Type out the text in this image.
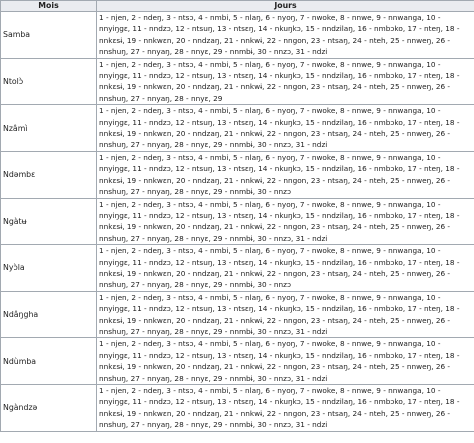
Mois	Jours
Samba	1 - njen, 2 - ndeŋ, 3 - ntsɔ, 4 - nmbi, 5 - nlaŋ, 6 - nyoŋ, 7 - nwoke, 8 - nnwe, 9 - nnwanga, 10 - nnyiŋgɛ, 11 - nndzɔ, 12 - ntsuŋ, 13 - ntsɛŋ, 14 - nkuŋkɔ, 15 - nndzilaŋ, 16 - nmbɔko, 17 - nteŋ, 18 - nnkɛsɨ, 19 - nnkwɛn, 20 - nndzaŋ, 21 - nnkwɨ, 22 - nngon, 23 - ntsaŋ, 24 - nteh, 25 - nnweŋ, 26 - nnshuŋ, 27 - nnyaŋ, 28 - nnyɛ, 29 - nnmbɨ, 30 - nnzɔ, 31 - ndzi
Ntolɔ̀	1 - njen, 2 - ndeŋ, 3 - ntsɔ, 4 - nmbi, 5 - nlaŋ, 6 - nyoŋ, 7 - nwoke, 8 - nnwe, 9 - nnwanga, 10 - nnyiŋgɛ, 11 - nndzɔ, 12 - ntsuŋ, 13 - ntsɛŋ, 14 - nkuŋkɔ, 15 - nndzilaŋ, 16 - nmbɔko, 17 - nteŋ, 18 - nnkɛsɨ, 19 - nnkwɛn, 20 - nndzaŋ, 21 - nnkwɨ, 22 - nngon, 23 - ntsaŋ, 24 - nteh, 25 - nnweŋ, 26 - nnshuŋ, 27 - nnyaŋ, 28 - nnyɛ, 29
Nzâmì	1 - njen, 2 - ndeŋ, 3 - ntsɔ, 4 - nmbi, 5 - nlaŋ, 6 - nyoŋ, 7 - nwoke, 8 - nnwe, 9 - nnwanga, 10 - nnyiŋgɛ, 11 - nndzɔ, 12 - ntsuŋ, 13 - ntsɛŋ, 14 - nkuŋkɔ, 15 - nndzilaŋ, 16 - nmbɔko, 17 - nteŋ, 18 - nnkɛsɨ, 19 - nnkwɛn, 20 - nndzaŋ, 21 - nnkwɨ, 22 - nngon, 23 - ntsaŋ, 24 - nteh, 25 - nnweŋ, 26 - nnshuŋ, 27 - nnyaŋ, 28 - nnyɛ, 29 - nnmbɨ, 30 - nnzɔ, 31 - ndzi
Ndəmbɛ	1 - njen, 2 - ndeŋ, 3 - ntsɔ, 4 - nmbi, 5 - nlaŋ, 6 - nyoŋ, 7 - nwoke, 8 - nnwe, 9 - nnwanga, 10 - nnyiŋgɛ, 11 - nndzɔ, 12 - ntsuŋ, 13 - ntsɛŋ, 14 - nkuŋkɔ, 15 - nndzilaŋ, 16 - nmbɔko, 17 - nteŋ, 18 - nnkɛsɨ, 19 - nnkwɛn, 20 - nndzaŋ, 21 - nnkwɨ, 22 - nngon, 23 - ntsaŋ, 24 - nteh, 25 - nnweŋ, 26 - nnshuŋ, 27 - nnyaŋ, 28 - nnyɛ, 29 - nnmbɨ, 30 - nnzɔ
Ngàtʉ	1 - njen, 2 - ndeŋ, 3 - ntsɔ, 4 - nmbi, 5 - nlaŋ, 6 - nyoŋ, 7 - nwoke, 8 - nnwe, 9 - nnwanga, 10 - nnyiŋgɛ, 11 - nndzɔ, 12 - ntsuŋ, 13 - ntsɛŋ, 14 - nkuŋkɔ, 15 - nndzilaŋ, 16 - nmbɔko, 17 - nteŋ, 18 - nnkɛsɨ, 19 - nnkwɛn, 20 - nndzaŋ, 21 - nnkwɨ, 22 - nngon, 23 - ntsaŋ, 24 - nteh, 25 - nnweŋ, 26 - nnshuŋ, 27 - nnyaŋ, 28 - nnyɛ, 29 - nnmbɨ, 30 - nnzɔ, 31 - ndzi
Nyɔ̀la	1 - njen, 2 - ndeŋ, 3 - ntsɔ, 4 - nmbi, 5 - nlaŋ, 6 - nyoŋ, 7 - nwoke, 8 - nnwe, 9 - nnwanga, 10 - nnyiŋgɛ, 11 - nndzɔ, 12 - ntsuŋ, 13 - ntsɛŋ, 14 - nkuŋkɔ, 15 - nndzilaŋ, 16 - nmbɔko, 17 - nteŋ, 18 - nnkɛsɨ, 19 - nnkwɛn, 20 - nndzaŋ, 21 - nnkwɨ, 22 - nngon, 23 - ntsaŋ, 24 - nteh, 25 - nnweŋ, 26 - nnshuŋ, 27 - nnyaŋ, 28 - nnyɛ, 29 - nnmbɨ, 30 - nnzɔ
Ndâŋgha	1 - njen, 2 - ndeŋ, 3 - ntsɔ, 4 - nmbi, 5 - nlaŋ, 6 - nyoŋ, 7 - nwoke, 8 - nnwe, 9 - nnwanga, 10 - nnyiŋgɛ, 11 - nndzɔ, 12 - ntsuŋ, 13 - ntsɛŋ, 14 - nkuŋkɔ, 15 - nndzilaŋ, 16 - nmbɔko, 17 - nteŋ, 18 - nnkɛsɨ, 19 - nnkwɛn, 20 - nndzaŋ, 21 - nnkwɨ, 22 - nngon, 23 - ntsaŋ, 24 - nteh, 25 - nnweŋ, 26 - nnshuŋ, 27 - nnyaŋ, 28 - nnyɛ, 29 - nnmbɨ, 30 - nnzɔ, 31 - ndzi
Ndùmba	1 - njen, 2 - ndeŋ, 3 - ntsɔ, 4 - nmbi, 5 - nlaŋ, 6 - nyoŋ, 7 - nwoke, 8 - nnwe, 9 - nnwanga, 10 - nnyiŋgɛ, 11 - nndzɔ, 12 - ntsuŋ, 13 - ntsɛŋ, 14 - nkuŋkɔ, 15 - nndzilaŋ, 16 - nmbɔko, 17 - nteŋ, 18 - nnkɛsɨ, 19 - nnkwɛn, 20 - nndzaŋ, 21 - nnkwɨ, 22 - nngon, 23 - ntsaŋ, 24 - nteh, 25 - nnweŋ, 26 - nnshuŋ, 27 - nnyaŋ, 28 - nnyɛ, 29 - nnmbɨ, 30 - nnzɔ, 31 - ndzi
Ngàndzə	1 - njen, 2 - ndeŋ, 3 - ntsɔ, 4 - nmbi, 5 - nlaŋ, 6 - nyoŋ, 7 - nwoke, 8 - nnwe, 9 - nnwanga, 10 - nnyiŋgɛ, 11 - nndzɔ, 12 - ntsuŋ, 13 - ntsɛŋ, 14 - nkuŋkɔ, 15 - nndzilaŋ, 16 - nmbɔko, 17 - nteŋ, 18 - nnkɛsɨ, 19 - nnkwɛn, 20 - nndzaŋ, 21 - nnkwɨ, 22 - nngon, 23 - ntsaŋ, 24 - nteh, 25 - nnweŋ, 26 - nnshuŋ, 27 - nnyaŋ, 28 - nnyɛ, 29 - nnmbɨ, 30 - nnzɔ, 31 - ndzi
